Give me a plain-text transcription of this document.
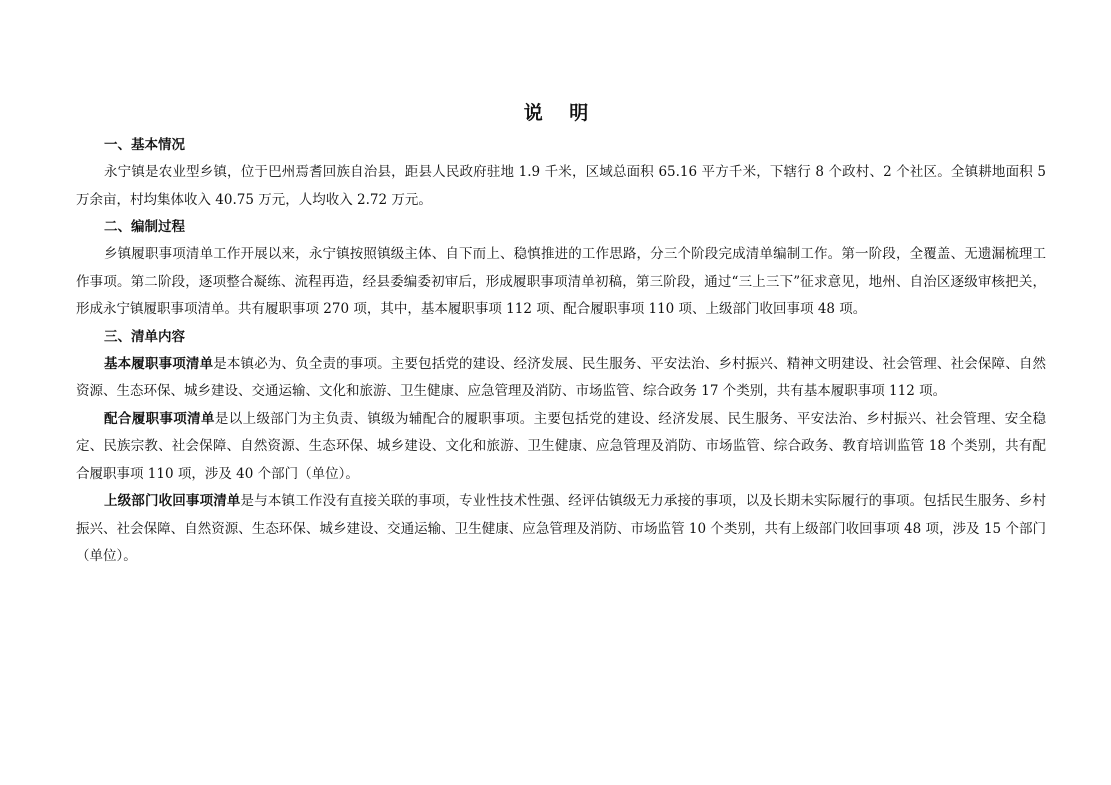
说 明
一、基本情况

永宁镇是农业型乡镇，位于巴州焉耆回族自治县，距县人民政府驻地 1.9 千米，区域总面积 65.16 平方千米，下辖行 8 个政村、2 个社区。全镇耕地面积 5 万余亩，村均集体收入 40.75 万元，人均收入 2.72 万元。

二、编制过程

乡镇履职事项清单工作开展以来，永宁镇按照镇级主体、自下而上、稳慎推进的工作思路，分三个阶段完成清单编制工作。第一阶段，全覆盖、无遗漏梳理工作事项。第二阶段，逐项整合凝练、流程再造，经县委编委初审后，形成履职事项清单初稿，第三阶段，通过“三上三下”征求意见，地州、自治区逐级审核把关，形成永宁镇履职事项清单。共有履职事项 270 项，其中，基本履职事项 112 项、配合履职事项 110 项、上级部门收回事项 48 项。

三、清单内容

基本履职事项清单是本镇必为、负全责的事项。主要包括党的建设、经济发展、民生服务、平安法治、乡村振兴、精神文明建设、社会管理、社会保障、自然资源、生态环保、城乡建设、交通运输、文化和旅游、卫生健康、应急管理及消防、市场监管、综合政务 17 个类别，共有基本履职事项 112 项。

配合履职事项清单是以上级部门为主负责、镇级为辅配合的履职事项。主要包括党的建设、经济发展、民生服务、平安法治、乡村振兴、社会管理、安全稳定、民族宗教、社会保障、自然资源、生态环保、城乡建设、文化和旅游、卫生健康、应急管理及消防、市场监管、综合政务、教育培训监管 18 个类别，共有配合履职事项 110 项，涉及 40 个部门（单位）。

上级部门收回事项清单是与本镇工作没有直接关联的事项，专业性技术性强、经评估镇级无力承接的事项，以及长期未实际履行的事项。包括民生服务、乡村振兴、社会保障、自然资源、生态环保、城乡建设、交通运输、卫生健康、应急管理及消防、市场监管 10 个类别，共有上级部门收回事项 48 项，涉及 15 个部门（单位）。
